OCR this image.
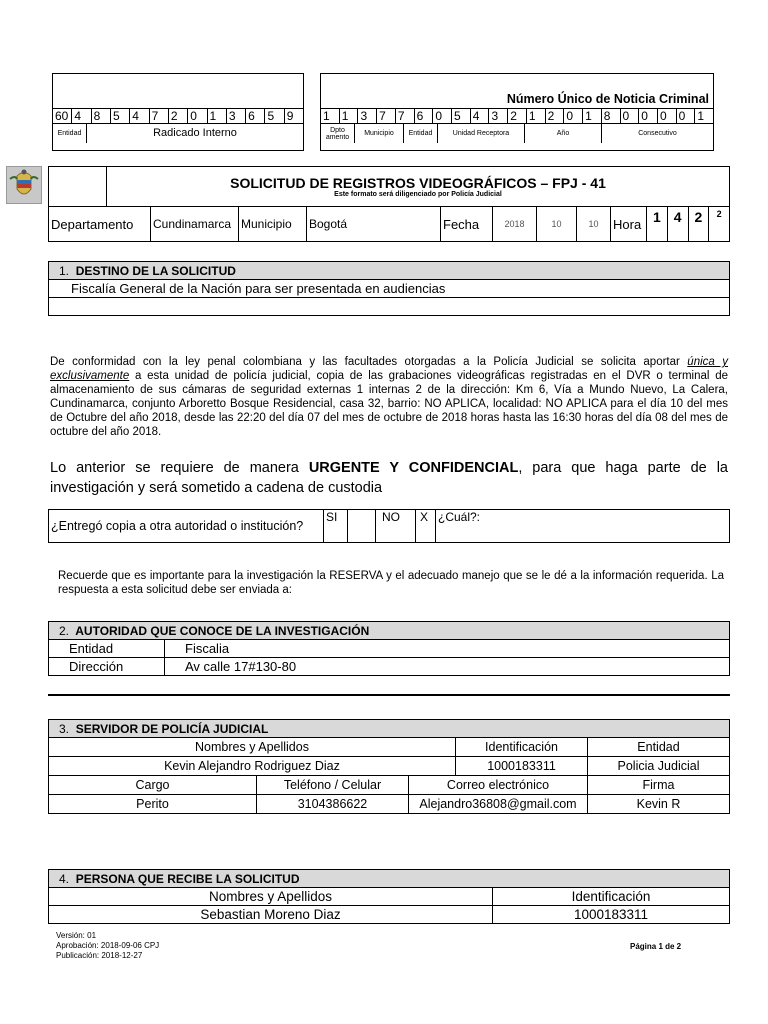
60 4	8	5	4	7	2	0	1	3	6	5	9
Entidad	Radicado Interno
Número Único de Noticia Criminal
1	1	3	7	7	6	0	5	4	3	2	1	2	0	1	8	0	0	0	0	1
Dpto amento	Municipio	Entidad	Unidad Receptora	Año	Consecutivo

SOLICITUD DE REGISTROS VIDEOGRÁFICOS – FPJ - 41
Este formato será diligenciado por Policía Judicial
Departamento	Cundinamarca	Municipio	Bogotá	Fecha	2018	10	10	Hora	1 4 2	2
1. DESTINO DE LA SOLICITUD
Fiscalía General de la Nación para ser presentada en audiencias

De conformidad con la ley penal colombiana y las facultades otorgadas a la Policía Judicial se solicita aportar única y exclusivamente a esta unidad de policía judicial, copia de las grabaciones videográficas registradas en el DVR o terminal de almacenamiento de sus cámaras de seguridad externas 1 internas 2 de la dirección: Km 6, Vía a Mundo Nuevo, La Calera, Cundinamarca, conjunto Arboretto Bosque Residencial, casa 32, barrio: NO APLICA, localidad: NO APLICA para el día 10 del mes de Octubre del año 2018, desde las 22:20 del día 07 del mes de octubre de 2018 horas hasta las 16:30 horas del día 08 del mes de octubre del año 2018.
Lo anterior se requiere de manera URGENTE Y CONFIDENCIAL, para que haga parte de la investigación y será sometido a cadena de custodia
¿Entregó copia a otra autoridad o institución?	SI		NO	X	¿Cuál?:
Recuerde que es importante para la investigación la RESERVA y el adecuado manejo que se le dé a la información requerida. La respuesta a esta solicitud debe ser enviada a:
2. AUTORIDAD QUE CONOCE DE LA INVESTIGACIÓN	
Entidad	Fiscalia
Dirección	Av calle 17#130-80
3. SERVIDOR DE POLICÍA JUDICIAL				
Nombres y Apellidos			Identificación	Entidad
Kevin Alejandro Rodriguez Diaz			1000183311	Policia Judicial
Cargo	Teléfono / Celular	Correo electrónico		Firma
Perito	3104386622	Alejandro36808@gmail.com		Kevin R
4. PERSONA QUE RECIBE LA SOLICITUD	
Nombres y Apellidos	Identificación
Sebastian Moreno Diaz	1000183311
Versión: 01
Aprobación: 2018-09-06 CPJ
Publicación: 2018-12-27
Página 1 de 2
